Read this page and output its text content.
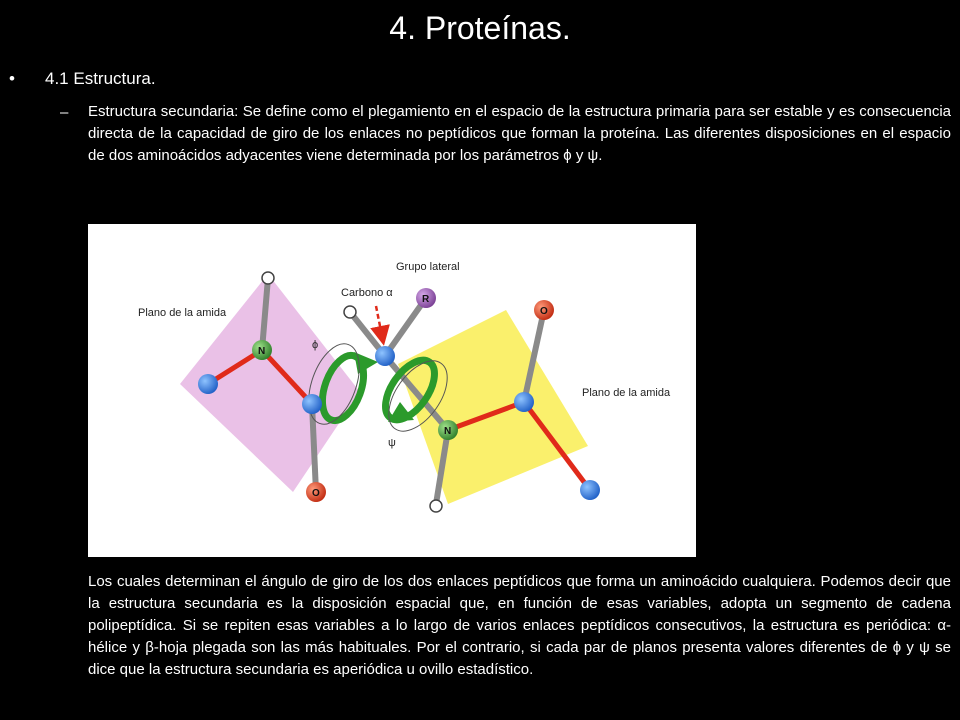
4. Proteínas.
• 4.1 Estructura.
– Estructura secundaria: Se define como el plegamiento en el espacio de la estructura primaria para ser estable y es consecuencia directa de la capacidad de giro de los enlaces no peptídicos que forman la proteína. Las diferentes disposiciones en el espacio de dos aminoácidos adyacentes viene determinada por los parámetros ϕ y ψ.

ϕ
ψ
N
N
O
O
R
Grupo lateral
Carbono α
Plano de la amida
Plano de la amida

Los cuales determinan el ángulo de giro de los dos enlaces peptídicos que forma un aminoácido cualquiera. Podemos decir que la estructura secundaria es la disposición espacial que, en función de esas variables, adopta un segmento de cadena polipeptídica. Si se repiten esas variables a lo largo de varios enlaces peptídicos consecutivos, la estructura es periódica: α-hélice y β-hoja plegada son las más habituales. Por el contrario, si cada par de planos presenta valores diferentes de ϕ y ψ se dice que la estructura secundaria es aperiódica u ovillo estadístico.
